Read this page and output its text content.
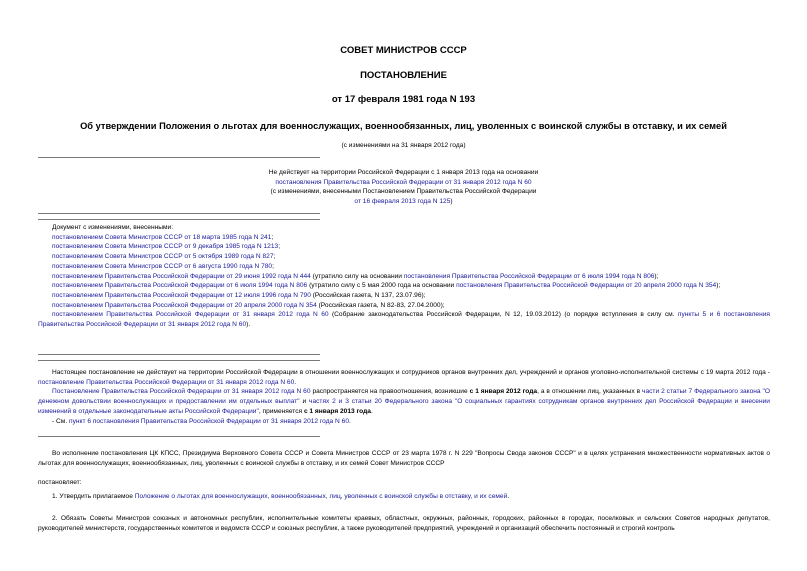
СОВЕТ МИНИСТРОВ СССР
ПОСТАНОВЛЕНИЕ
от 17 февраля 1981 года N 193
Об утверждении Положения о льготах для военнослужащих, военнообязанных, лиц, уволенных с воинской службы в отставку, и их семей
(с изменениями на 31 января 2012 года)
Не действует на территории Российской Федерации с 1 января 2013 года на основании
постановления Правительства Российской Федерации от 31 января 2012 года N 60
(с изменениями, внесенными Постановлением Правительства Российской Федерации
от 16 февраля 2013 года N 125)
Документ с изменениями, внесенными:
постановлением Совета Министров СССР от 18 марта 1985 года N 241;
постановлением Совета Министров СССР от 9 декабря 1985 года N 1213;
постановлением Совета Министров СССР от 5 октября 1989 года N 827;
постановлением Совета Министров СССР от 6 августа 1990 года N 780;
постановлением Правительства Российской Федерации от 29 июня 1992 года N 444 (утратило силу на основании постановления Правительства Российской Федерации от 6 июля 1994 года N 806);
постановлением Правительства Российской Федерации от 6 июля 1994 года N 806 (утратило силу с 5 мая 2000 года на основании постановления Правительства Российской Федерации от 20 апреля 2000 года N 354);
постановлением Правительства Российской Федерации от 12 июля 1996 года N 790 (Российская газета, N 137, 23.07.96);
постановлением Правительства Российской Федерации от 20 апреля 2000 года N 354 (Российская газета, N 82-83, 27.04.2000);
постановлением Правительства Российской Федерации от 31 января 2012 года N 60 (Собрание законодательства Российской Федерации, N 12, 19.03.2012) (о порядке вступления в силу см. пункты 5 и 6 постановления Правительства Российской Федерации от 31 января 2012 года N 60).
Настоящее постановление не действует на территории Российской Федерации в отношении военнослужащих и сотрудников органов внутренних дел, учреждений и органов уголовно-исполнительной системы с 19 марта 2012 года - постановление Правительства Российской Федерации от 31 января 2012 года N 60.
Постановление Правительства Российской Федерации от 31 января 2012 года N 60 распространяется на правоотношения, возникшие с 1 января 2012 года, а в отношении лиц, указанных в части 2 статьи 7 Федерального закона "О денежном довольствии военнослужащих и предоставлении им отдельных выплат" и частях 2 и 3 статьи 20 Федерального закона "О социальных гарантиях сотрудникам органов внутренних дел Российской Федерации и внесении изменений в отдельные законодательные акты Российской Федерации", применяется с 1 января 2013 года.
- См. пункт 6 постановления Правительства Российской Федерации от 31 января 2012 года N 60.
Во исполнение постановления ЦК КПСС, Президиума Верховного Совета СССР и Совета Министров СССР от 23 марта 1978 г. N 229 "Вопросы Свода законов СССР" и в целях устранения множественности нормативных актов о льготах для военнослужащих, военнообязанных, лиц, уволенных с воинской службы в отставку, и их семей Совет Министров СССР
постановляет:
1. Утвердить прилагаемое Положение о льготах для военнослужащих, военнообязанных, лиц, уволенных с воинской службы в отставку, и их семей.
2. Обязать Советы Министров союзных и автономных республик, исполнительные комитеты краевых, областных, окружных, районных, городских, районных в городах, поселковых и сельских Советов народных депутатов, руководителей министерств, государственных комитетов и ведомств СССР и союзных республик, а также руководителей предприятий, учреждений и организаций обеспечить постоянный и строгий контроль
